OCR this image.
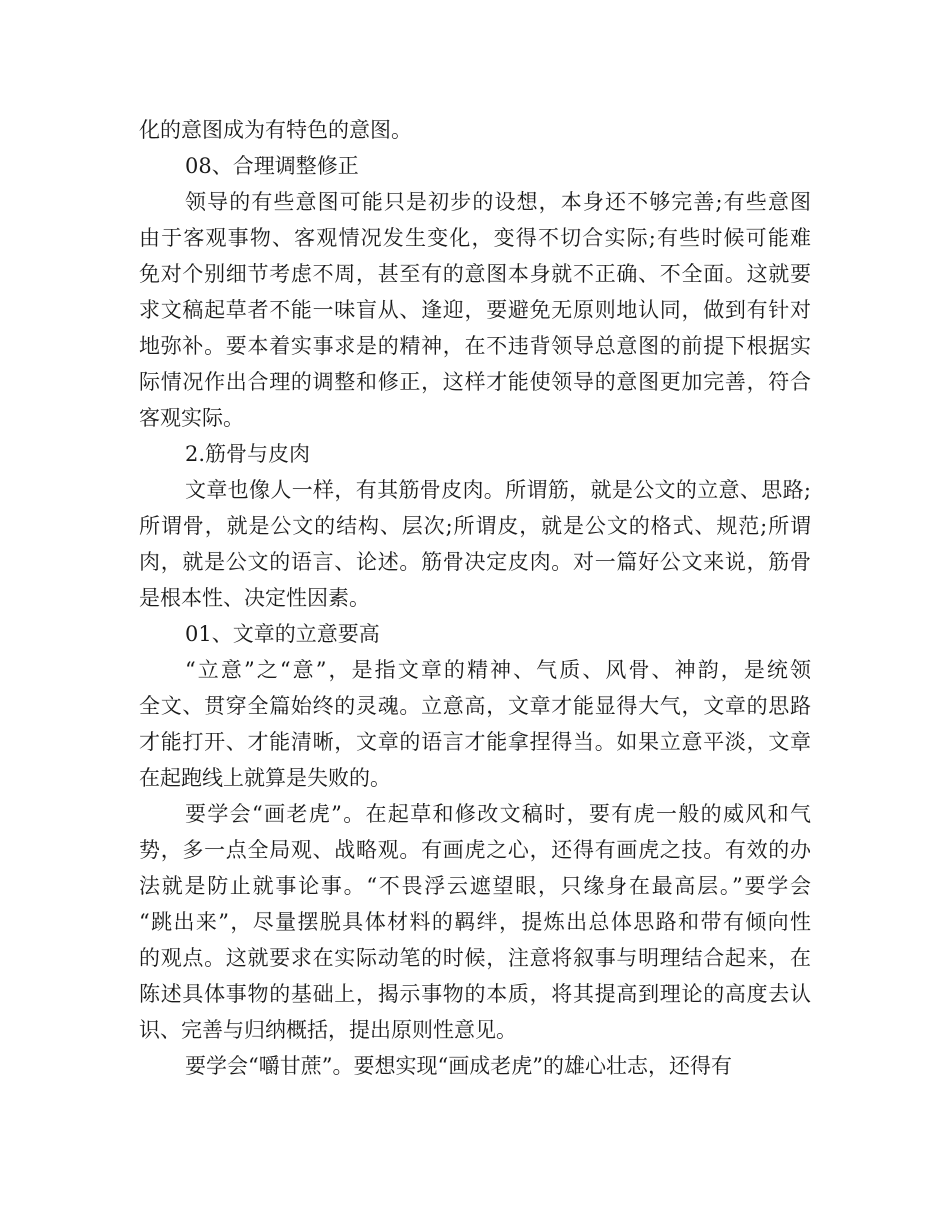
化的意图成为有特色的意图。
08、合理调整修正
领导的有些意图可能只是初步的设想，本身还不够完善;有些意图
由于客观事物、客观情况发生变化，变得不切合实际;有些时候可能难
免对个别细节考虑不周，甚至有的意图本身就不正确、不全面。这就要
求文稿起草者不能一味盲从、逢迎，要避免无原则地认同，做到有针对
地弥补。要本着实事求是的精神，在不违背领导总意图的前提下根据实
际情况作出合理的调整和修正，这样才能使领导的意图更加完善，符合
客观实际。
2.筋骨与皮肉
文章也像人一样，有其筋骨皮肉。所谓筋，就是公文的立意、思路;
所谓骨，就是公文的结构、层次;所谓皮，就是公文的格式、规范;所谓
肉，就是公文的语言、论述。筋骨决定皮肉。对一篇好公文来说，筋骨
是根本性、决定性因素。
01、文章的立意要高
“立意”之“意”，是指文章的精神、气质、风骨、神韵，是统领
全文、贯穿全篇始终的灵魂。立意高，文章才能显得大气，文章的思路
才能打开、才能清晰，文章的语言才能拿捏得当。如果立意平淡，文章
在起跑线上就算是失败的。
要学会“画老虎”。在起草和修改文稿时，要有虎一般的威风和气
势，多一点全局观、战略观。有画虎之心，还得有画虎之技。有效的办
法就是防止就事论事。“不畏浮云遮望眼，只缘身在最高层。”要学会
“跳出来”，尽量摆脱具体材料的羁绊，提炼出总体思路和带有倾向性
的观点。这就要求在实际动笔的时候，注意将叙事与明理结合起来，在
陈述具体事物的基础上，揭示事物的本质，将其提高到理论的高度去认
识、完善与归纳概括，提出原则性意见。
要学会“嚼甘蔗”。要想实现“画成老虎”的雄心壮志，还得有
